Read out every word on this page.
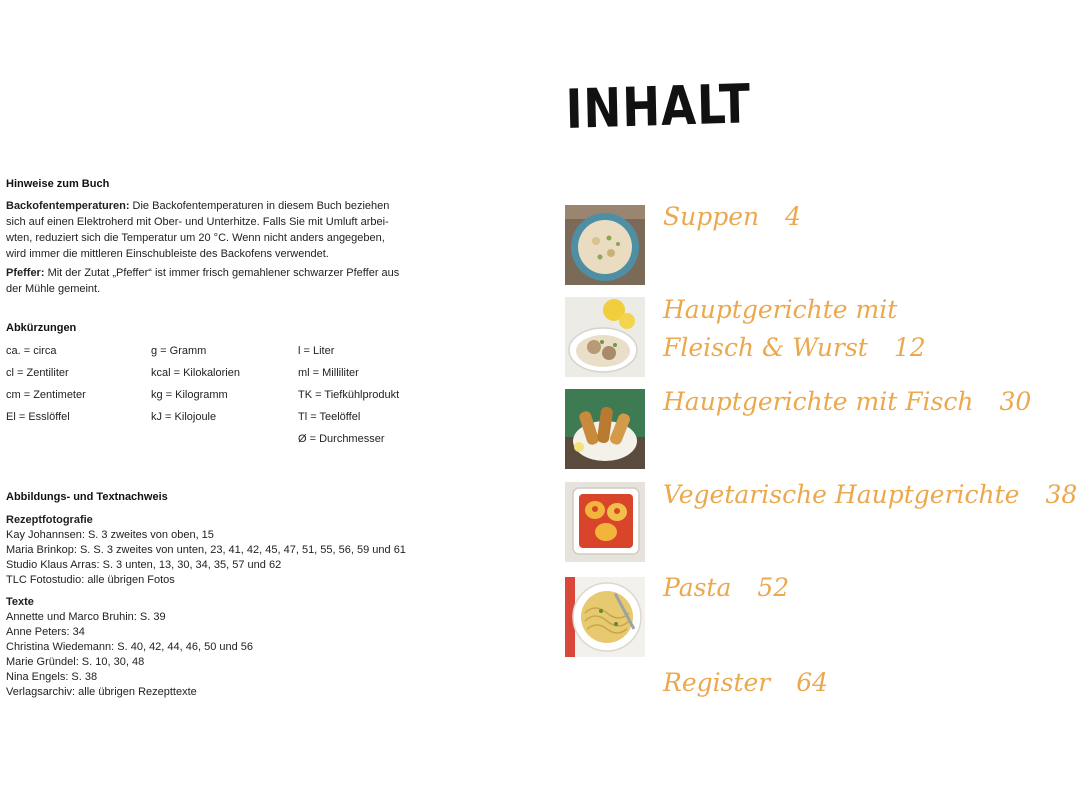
Hinweise zum Buch

Backofentemperaturen: Die Backofentemperaturen in diesem Buch beziehen
sich auf einen Elektroherd mit Ober- und Unterhitze. Falls Sie mit Umluft arbei-
wten, reduziert sich die Temperatur um 20 °C. Wenn nicht anders angegeben,
wird immer die mittleren Einschubleiste des Backofens verwendet.

Pfeffer: Mit der Zutat „Pfeffer“ ist immer frisch gemahlener schwarzer Pfeffer aus
der Mühle gemeint.

Abkürzungen
ca. = circa
cl = Zentiliter
cm = Zentimeter
El = Esslöffel
g = Gramm
kcal = Kilokalorien
kg = Kilogramm
kJ = Kilojoule
l = Liter
ml = Milliliter
TK = Tiefkühlprodukt
Tl = Teelöffel
Ø = Durchmesser
Abbildungs- und Textnachweis
Rezeptfotografie
Kay Johannsen: S. 3 zweites von oben, 15
Maria Brinkop: S. S. 3 zweites von unten, 23, 41, 42, 45, 47, 51, 55, 56, 59 und 61
Studio Klaus Arras: S. 3 unten, 13, 30, 34, 35, 57 und 62
TLC Fotostudio: alle übrigen Fotos
Texte
Annette und Marco Bruhin: S. 39
Anne Peters: 34
Christina Wiedemann: S. 40, 42, 44, 46, 50 und 56
Marie Gründel: S. 10, 30, 48
Nina Engels: S. 38
Verlagsarchiv: alle übrigen Rezepttexte
INHALT
Suppen 4
Hauptgerichte mit
Fleisch & Wurst 12
Hauptgerichte mit Fisch 30
Vegetarische Hauptgerichte 38
Pasta 52
Register 64
